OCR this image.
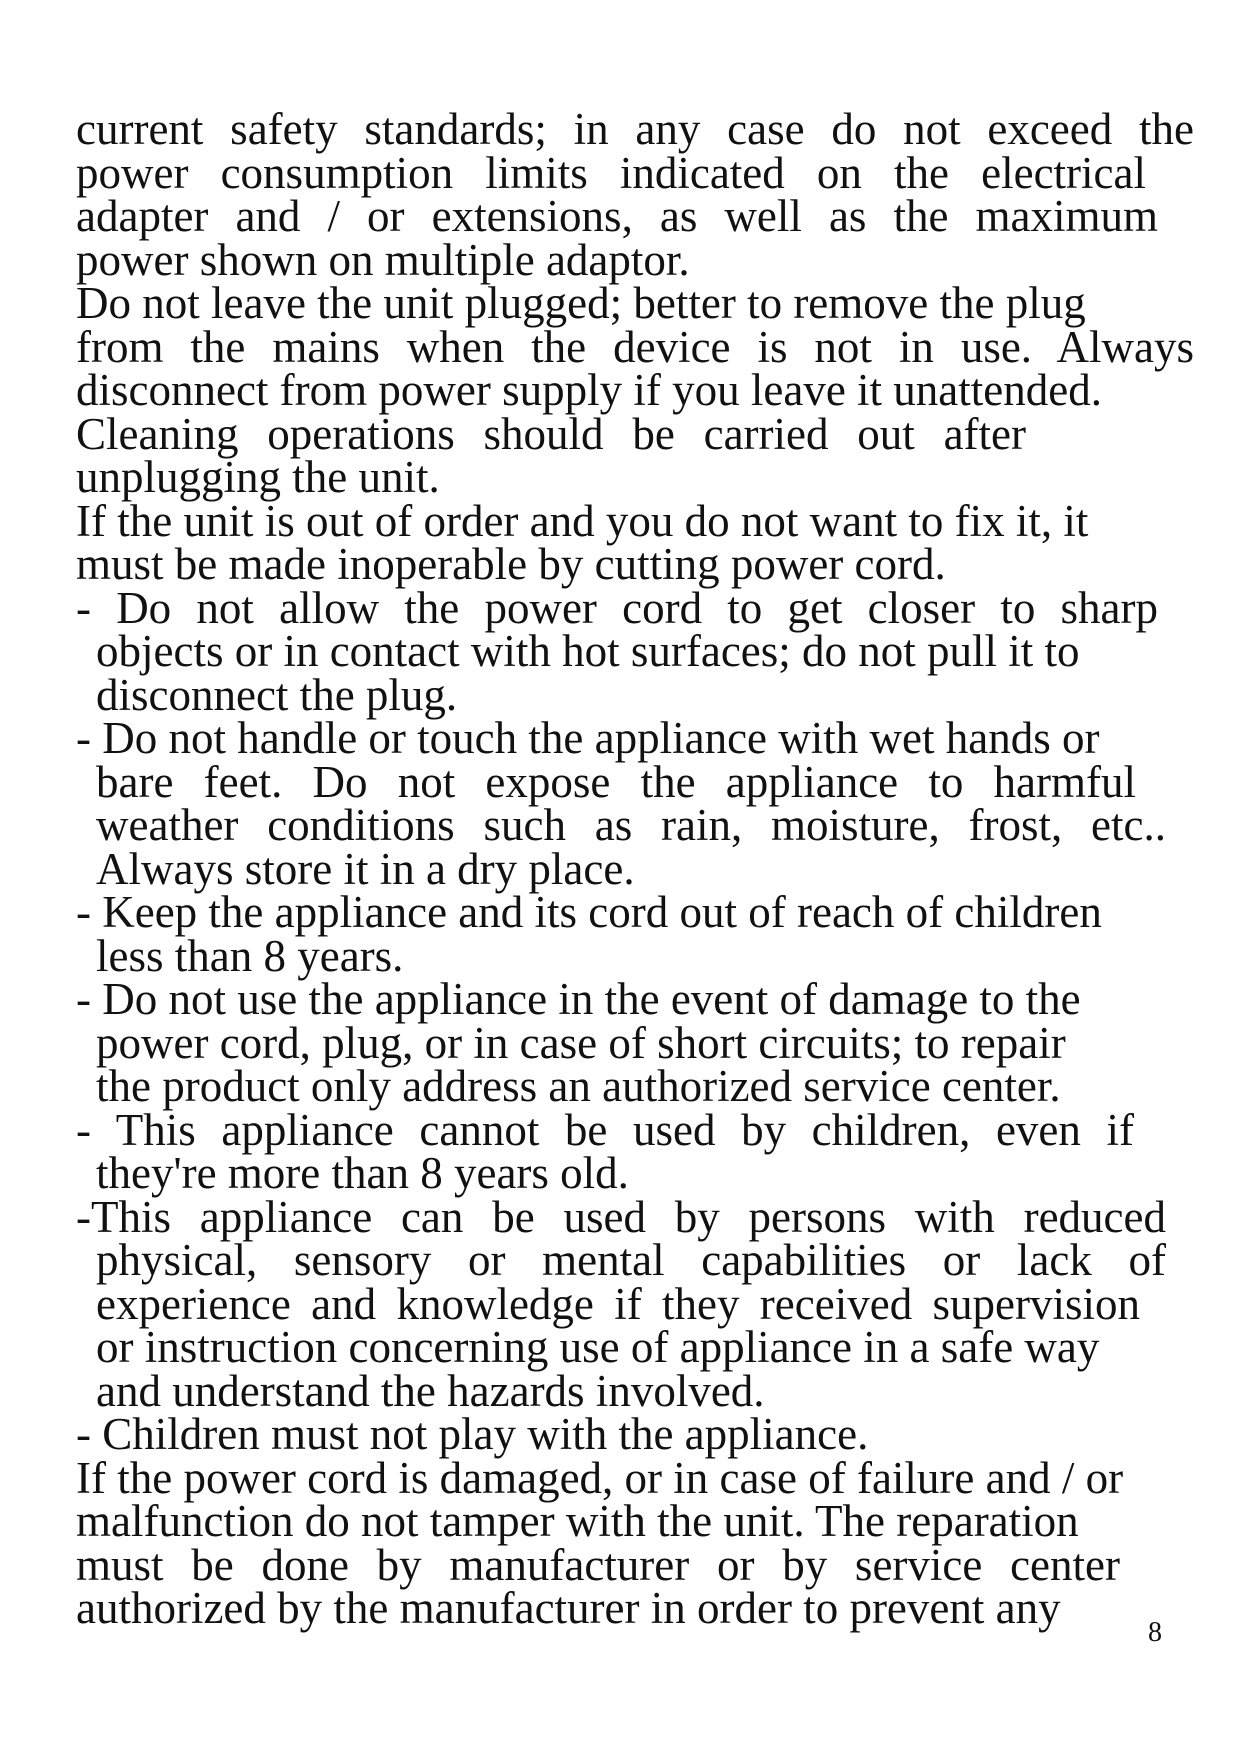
current safety standards; in any case do not exceed the
power consumption limits indicated on the electrical
adapter and / or extensions, as well as the maximum
power shown on multiple adaptor.
Do not leave the unit plugged; better to remove the plug
from the mains when the device is not in use. Always
disconnect from power supply if you leave it unattended.
Cleaning operations should be carried out after
unplugging the unit.
If the unit is out of order and you do not want to fix it, it
must be made inoperable by cutting power cord.
- Do not allow the power cord to get closer to sharp
objects or in contact with hot surfaces; do not pull it to
disconnect the plug.
- Do not handle or touch the appliance with wet hands or
bare feet. Do not expose the appliance to harmful
weather conditions such as rain, moisture, frost, etc..
Always store it in a dry place.
- Keep the appliance and its cord out of reach of children
less than 8 years.
- Do not use the appliance in the event of damage to the
power cord, plug, or in case of short circuits; to repair
the product only address an authorized service center.
- This appliance cannot be used by children, even if
they're more than 8 years old.
-This appliance can be used by persons with reduced
physical, sensory or mental capabilities or lack of
experience and knowledge if they received supervision
or instruction concerning use of appliance in a safe way
and understand the hazards involved.
- Children must not play with the appliance.
If the power cord is damaged, or in case of failure and / or
malfunction do not tamper with the unit. The reparation
must be done by manufacturer or by service center
authorized by the manufacturer in order to prevent any	8
